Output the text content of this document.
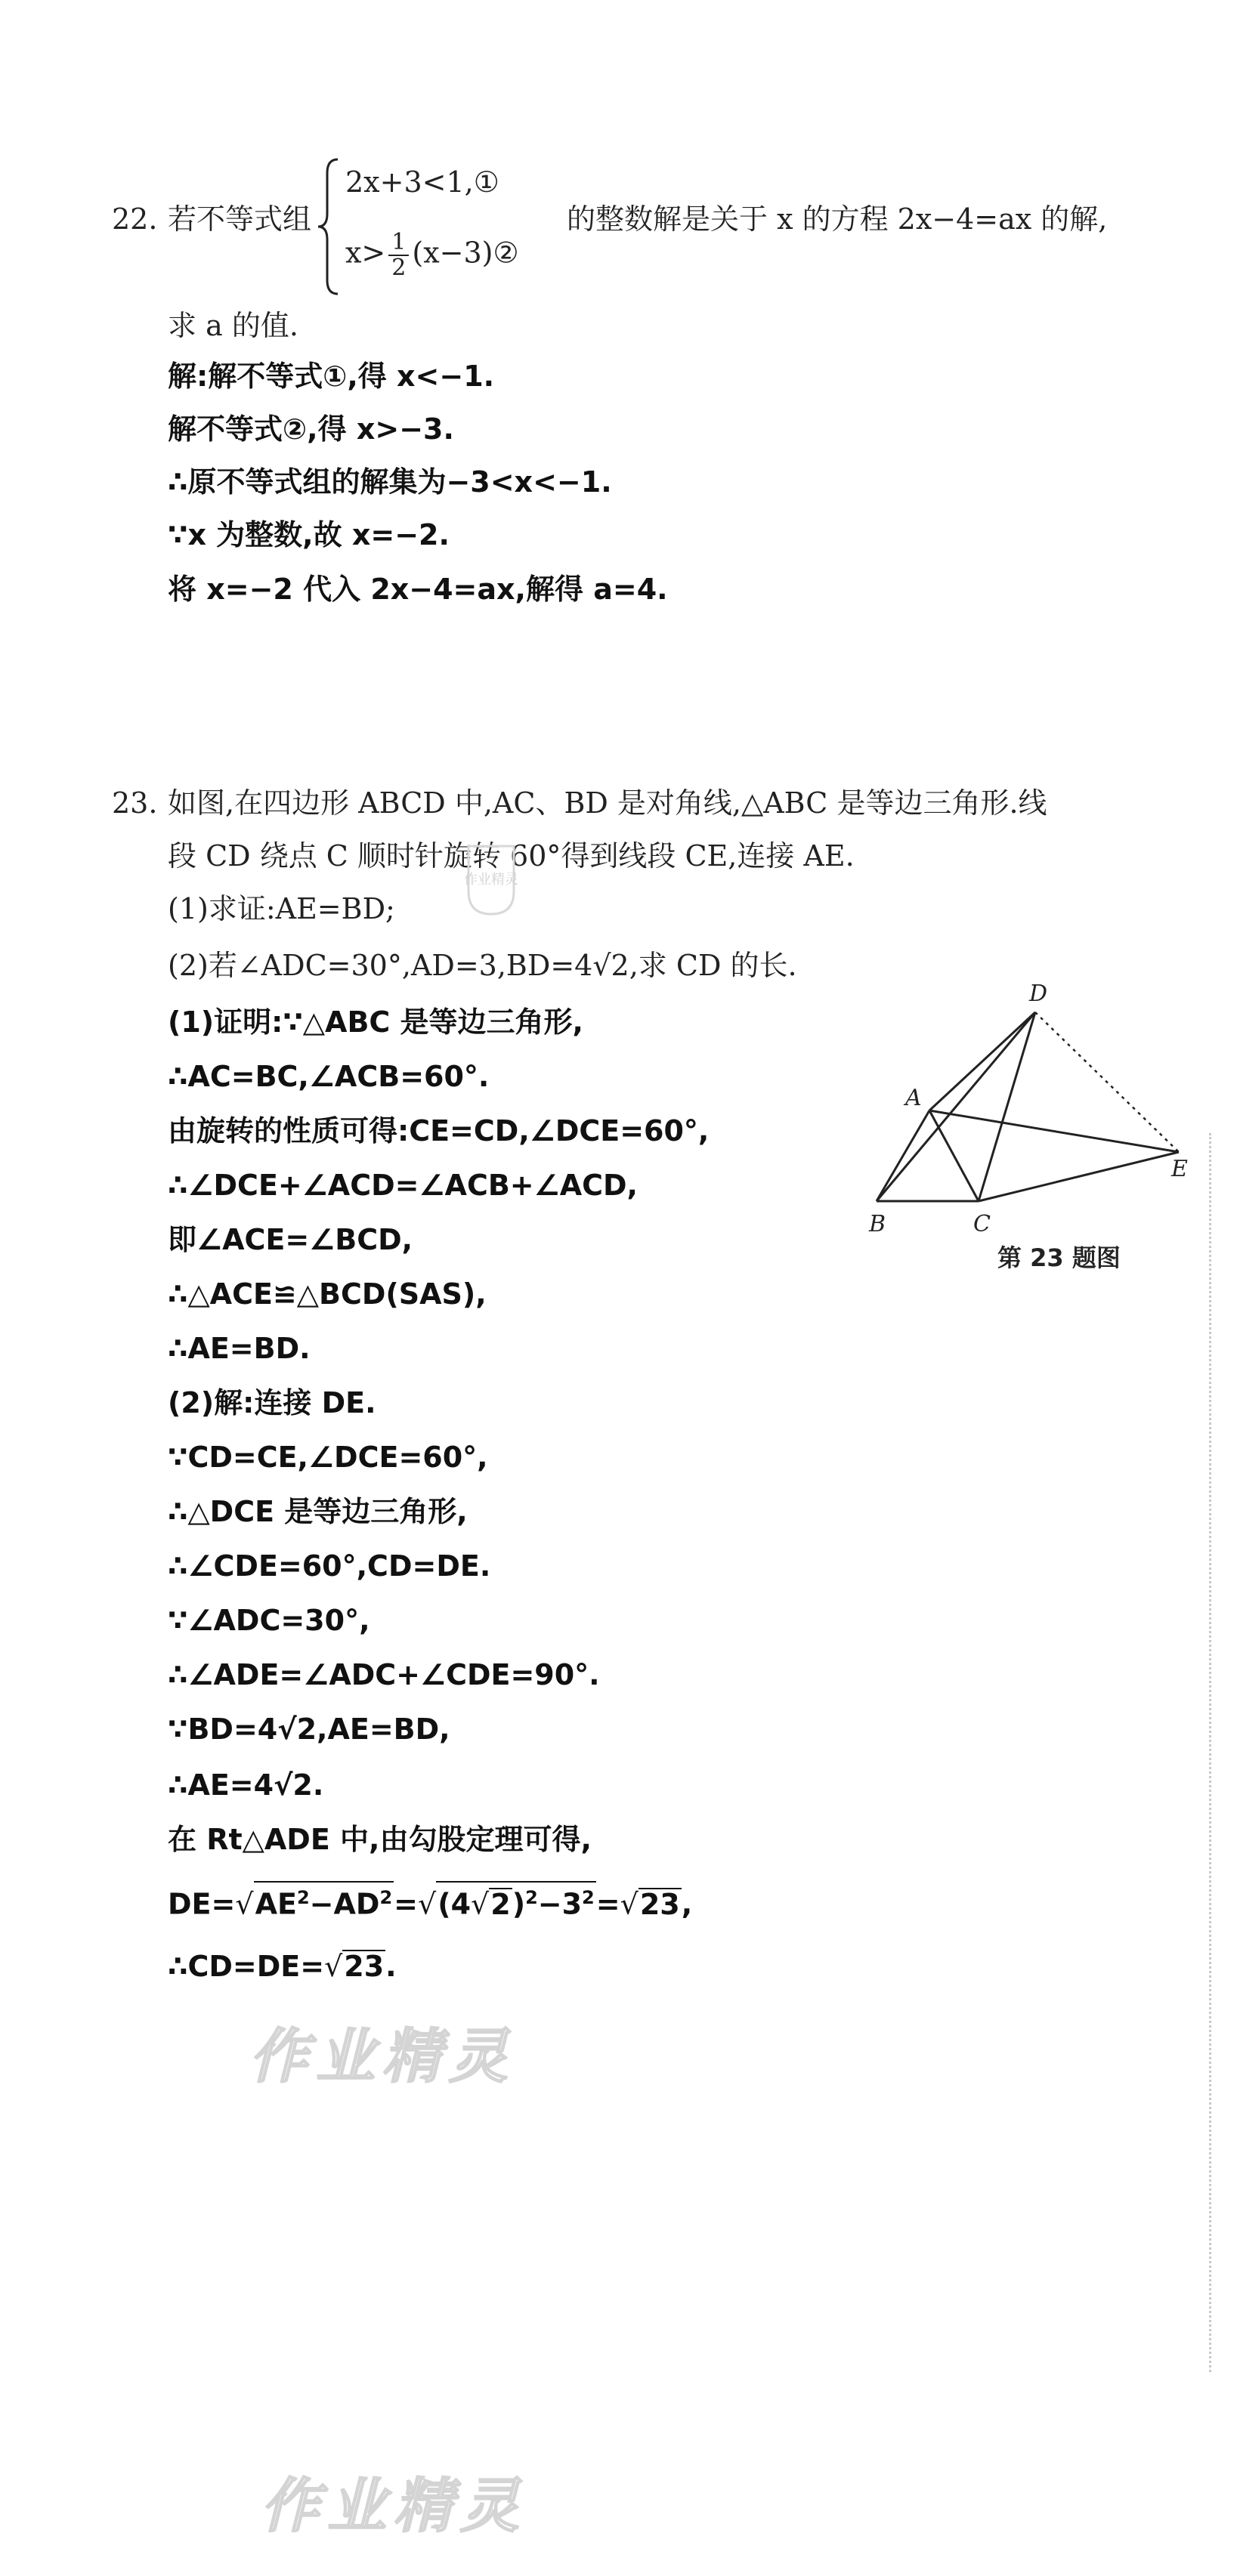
22. 若不等式组
2x+3<1,①
$x> \frac{1}{2}$ (x−3)②
的整数解是关于 x 的方程 2x−4=ax 的解,
求 a 的值.
解:解不等式①,得 x<−1.
解不等式②,得 x>−3.
∴原不等式组的解集为−3<x<−1.
∵x 为整数,故 x=−2.
将 x=−2 代入 2x−4=ax,解得 a=4.
23. 如图,在四边形 ABCD 中,AC、BD 是对角线,△ABC 是等边三角形.线
段 CD 绕点 C 顺时针旋转 60°得到线段 CE,连接 AE.
作业精灵
(1)求证:AE=BD;
(2)若∠ADC=30°,AD=3,BD=4√2,求 CD 的长.
(1)证明:∵△ABC 是等边三角形,
∴AC=BC,∠ACB=60°.
由旋转的性质可得:CE=CD,∠DCE=60°,
∴∠DCE+∠ACD=∠ACB+∠ACD,
即∠ACE=∠BCD,
∴△ACE≌△BCD(SAS),
∴AE=BD.
(2)解:连接 DE.
∵CD=CE,∠DCE=60°,
∴△DCE 是等边三角形,
∴∠CDE=60°,CD=DE.
∵∠ADC=30°,
∴∠ADE=∠ADC+∠CDE=90°.
∵BD=4√2,AE=BD,
∴AE=4√2.
在 Rt△ADE 中,由勾股定理可得,
$DE=√AE^2-AD^2=√(4√2)^2-3^2=√23$,
∴CD=DE=√23.
D
A
B	C
E
第 23 题图
作业精灵
作业精灵
